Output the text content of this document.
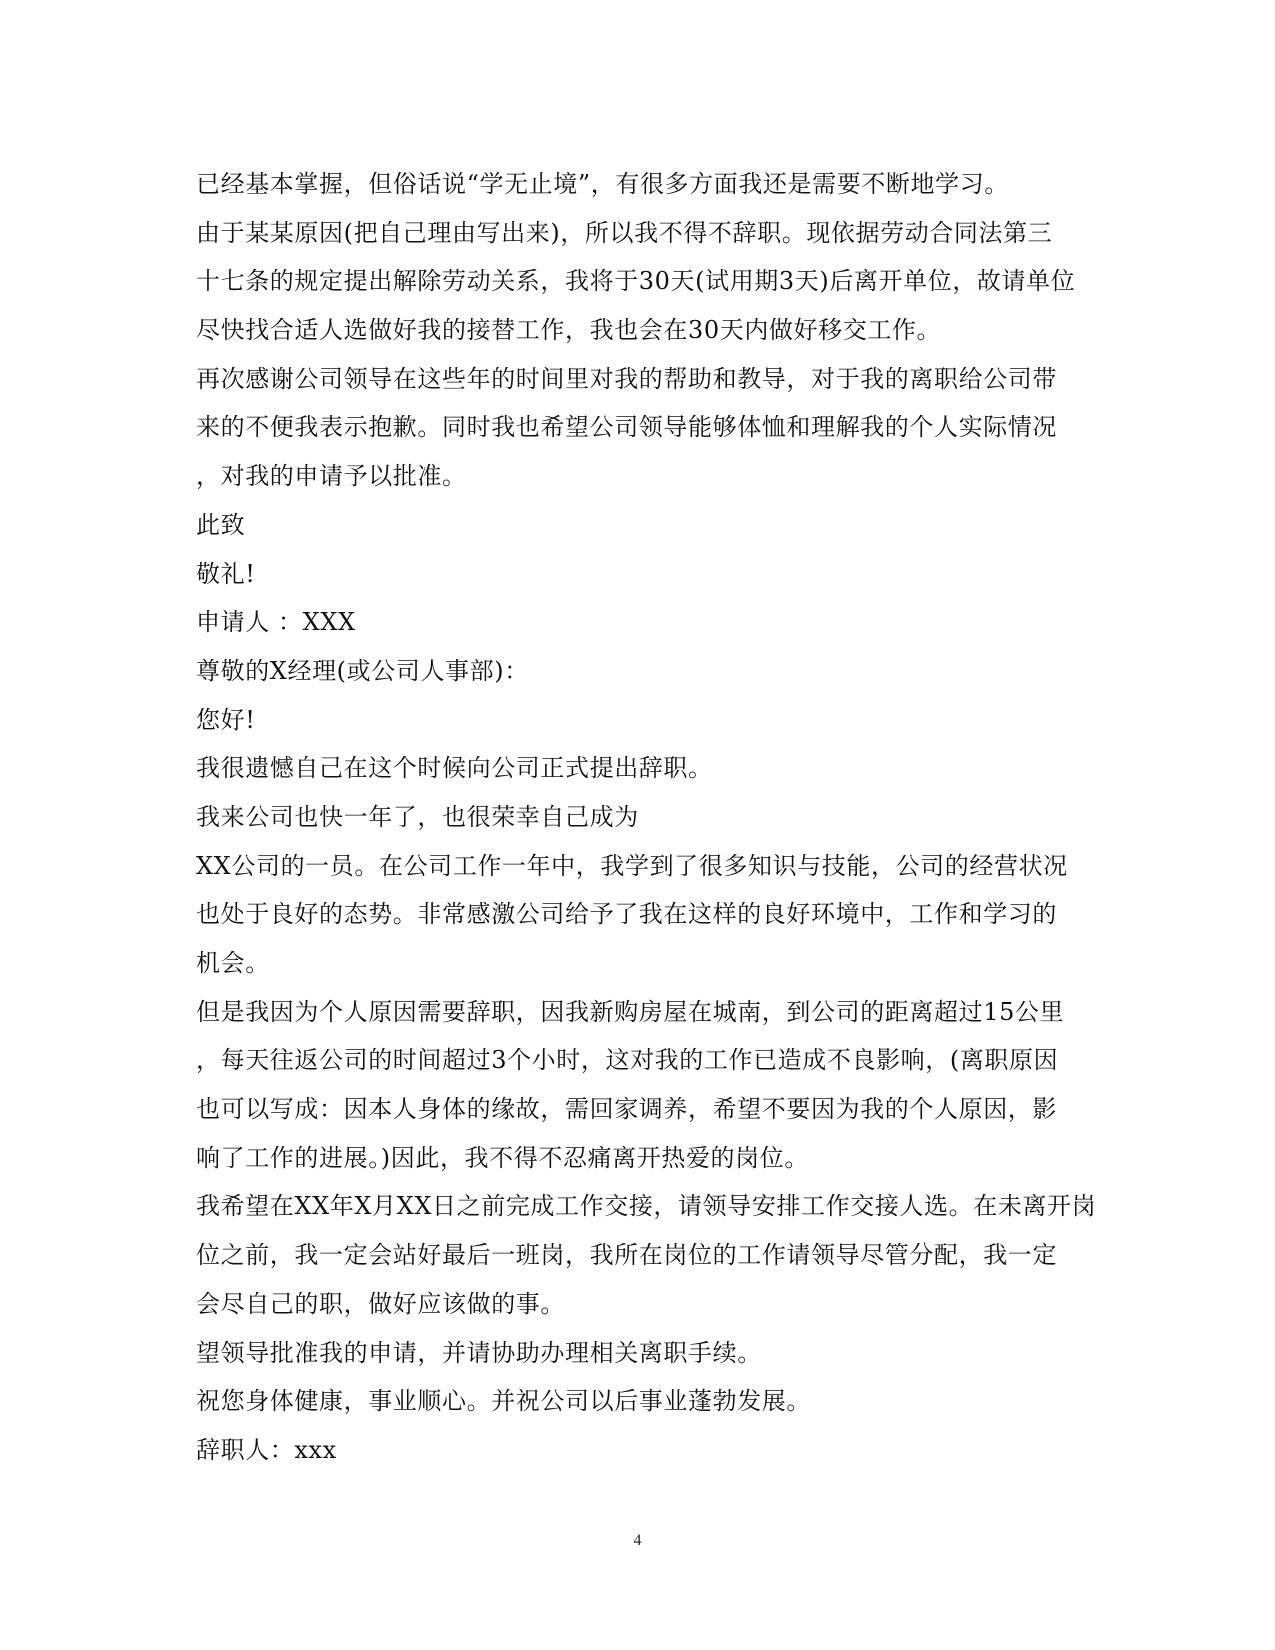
已经基本掌握，但俗话说“学无止境”，有很多方面我还是需要不断地学习。
由于某某原因(把自己理由写出来)，所以我不得不辞职。现依据劳动合同法第三
十七条的规定提出解除劳动关系，我将于30天(试用期3天)后离开单位，故请单位
尽快找合适人选做好我的接替工作，我也会在30天内做好移交工作。
再次感谢公司领导在这些年的时间里对我的帮助和教导，对于我的离职给公司带
来的不便我表示抱歉。同时我也希望公司领导能够体恤和理解我的个人实际情况
，对我的申请予以批准。
此致
敬礼!
申请人 ：XXX
尊敬的X经理(或公司人事部)：
您好!
我很遗憾自己在这个时候向公司正式提出辞职。
我来公司也快一年了，也很荣幸自己成为
XX公司的一员。在公司工作一年中，我学到了很多知识与技能，公司的经营状况
也处于良好的态势。非常感激公司给予了我在这样的良好环境中，工作和学习的
机会。
但是我因为个人原因需要辞职，因我新购房屋在城南，到公司的距离超过15公里
，每天往返公司的时间超过3个小时，这对我的工作已造成不良影响，(离职原因
也可以写成：因本人身体的缘故，需回家调养，希望不要因为我的个人原因，影
响了工作的进展。)因此，我不得不忍痛离开热爱的岗位。
我希望在XX年X月XX日之前完成工作交接，请领导安排工作交接人选。在未离开岗
位之前，我一定会站好最后一班岗，我所在岗位的工作请领导尽管分配，我一定
会尽自己的职，做好应该做的事。
望领导批准我的申请，并请协助办理相关离职手续。
祝您身体健康，事业顺心。并祝公司以后事业蓬勃发展。
辞职人：xxx
4
